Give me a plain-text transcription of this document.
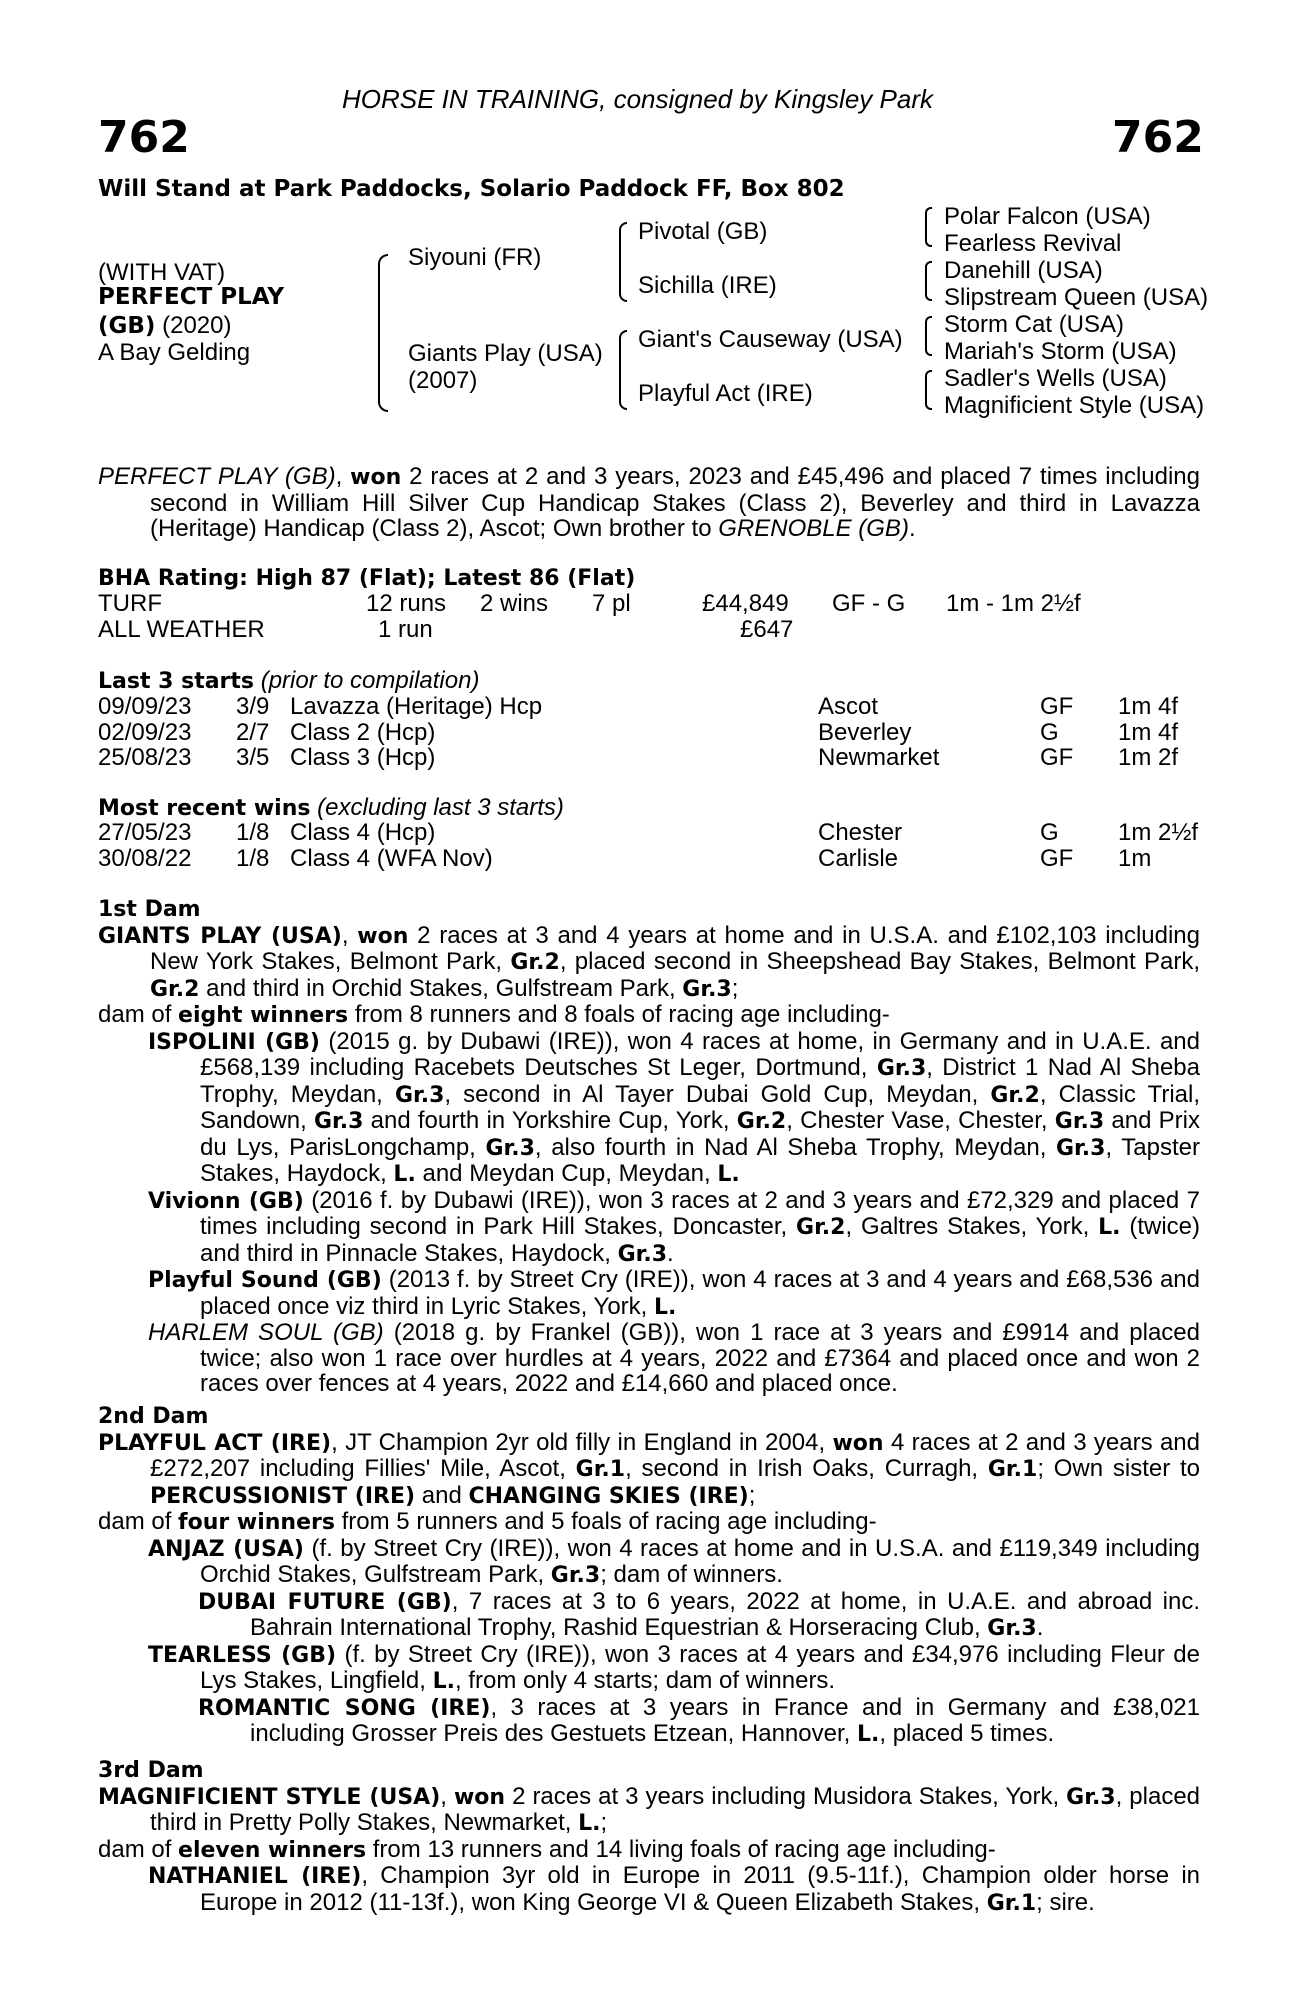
HORSE IN TRAINING, consigned by Kingsley Park
762	762
Will Stand at Park Paddocks, Solario Paddock FF, Box 802
(WITH VAT)
PERFECT PLAY
(GB) (2020)
A Bay Gelding
Siyouni (FR)
Giants Play (USA)
(2007)
Pivotal (GB)
Sichilla (IRE)
Giant's Causeway (USA)
Playful Act (IRE)
Polar Falcon (USA)
Fearless Revival
Danehill (USA)
Slipstream Queen (USA)
Storm Cat (USA)
Mariah's Storm (USA)
Sadler's Wells (USA)
Magnificient Style (USA)

PERFECT PLAY (GB), won 2 races at 2 and 3 years, 2023 and £45,496 and placed 7 times including second in William Hill Silver Cup Handicap Stakes (Class 2), Beverley and third in Lavazza (Heritage) Handicap (Class 2), Ascot; Own brother to GRENOBLE (GB).

BHA Rating: High 87 (Flat); Latest 86 (Flat)
TURF	12 runs	2 wins	7 pl	£44,849	GF - G	1m - 1m 2½f
ALL WEATHER	1 run			£647		
Last 3 starts (prior to compilation)
09/09/23	3/9	Lavazza (Heritage) Hcp	Ascot	GF	1m 4f
02/09/23	2/7	Class 2 (Hcp)	Beverley	G	1m 4f
25/08/23	3/5	Class 3 (Hcp)	Newmarket	GF	1m 2f
Most recent wins (excluding last 3 starts)
27/05/23	1/8	Class 4 (Hcp)	Chester	G	1m 2½f
30/08/22	1/8	Class 4 (WFA Nov)	Carlisle	GF	1m

1st Dam

GIANTS PLAY (USA), won 2 races at 3 and 4 years at home and in U.S.A. and £102,103 including New York Stakes, Belmont Park, Gr.2, placed second in Sheepshead Bay Stakes, Belmont Park, Gr.2 and third in Orchid Stakes, Gulfstream Park, Gr.3;

dam of eight winners from 8 runners and 8 foals of racing age including-

ISPOLINI (GB) (2015 g. by Dubawi (IRE)), won 4 races at home, in Germany and in U.A.E. and £568,139 including Racebets Deutsches St Leger, Dortmund, Gr.3, District 1 Nad Al Sheba Trophy, Meydan, Gr.3, second in Al Tayer Dubai Gold Cup, Meydan, Gr.2, Classic Trial, Sandown, Gr.3 and fourth in Yorkshire Cup, York, Gr.2, Chester Vase, Chester, Gr.3 and Prix du Lys, ParisLongchamp, Gr.3, also fourth in Nad Al Sheba Trophy, Meydan, Gr.3, Tapster Stakes, Haydock, L. and Meydan Cup, Meydan, L.

Vivionn (GB) (2016 f. by Dubawi (IRE)), won 3 races at 2 and 3 years and £72,329 and placed 7 times including second in Park Hill Stakes, Doncaster, Gr.2, Galtres Stakes, York, L. (twice) and third in Pinnacle Stakes, Haydock, Gr.3.

Playful Sound (GB) (2013 f. by Street Cry (IRE)), won 4 races at 3 and 4 years and £68,536 and placed once viz third in Lyric Stakes, York, L.

HARLEM SOUL (GB) (2018 g. by Frankel (GB)), won 1 race at 3 years and £9914 and placed twice; also won 1 race over hurdles at 4 years, 2022 and £7364 and placed once and won 2 races over fences at 4 years, 2022 and £14,660 and placed once.

2nd Dam

PLAYFUL ACT (IRE), JT Champion 2yr old filly in England in 2004, won 4 races at 2 and 3 years and £272,207 including Fillies' Mile, Ascot, Gr.1, second in Irish Oaks, Curragh, Gr.1; Own sister to PERCUSSIONIST (IRE) and CHANGING SKIES (IRE);

dam of four winners from 5 runners and 5 foals of racing age including-

ANJAZ (USA) (f. by Street Cry (IRE)), won 4 races at home and in U.S.A. and £119,349 including Orchid Stakes, Gulfstream Park, Gr.3; dam of winners.

DUBAI FUTURE (GB), 7 races at 3 to 6 years, 2022 at home, in U.A.E. and abroad inc. Bahrain International Trophy, Rashid Equestrian & Horseracing Club, Gr.3.

TEARLESS (GB) (f. by Street Cry (IRE)), won 3 races at 4 years and £34,976 including Fleur de Lys Stakes, Lingfield, L., from only 4 starts; dam of winners.

ROMANTIC SONG (IRE), 3 races at 3 years in France and in Germany and £38,021 including Grosser Preis des Gestuets Etzean, Hannover, L., placed 5 times.

3rd Dam

MAGNIFICIENT STYLE (USA), won 2 races at 3 years including Musidora Stakes, York, Gr.3, placed third in Pretty Polly Stakes, Newmarket, L.;

dam of eleven winners from 13 runners and 14 living foals of racing age including-

NATHANIEL (IRE), Champion 3yr old in Europe in 2011 (9.5-11f.), Champion older horse in Europe in 2012 (11-13f.), won King George VI & Queen Elizabeth Stakes, Gr.1; sire.
